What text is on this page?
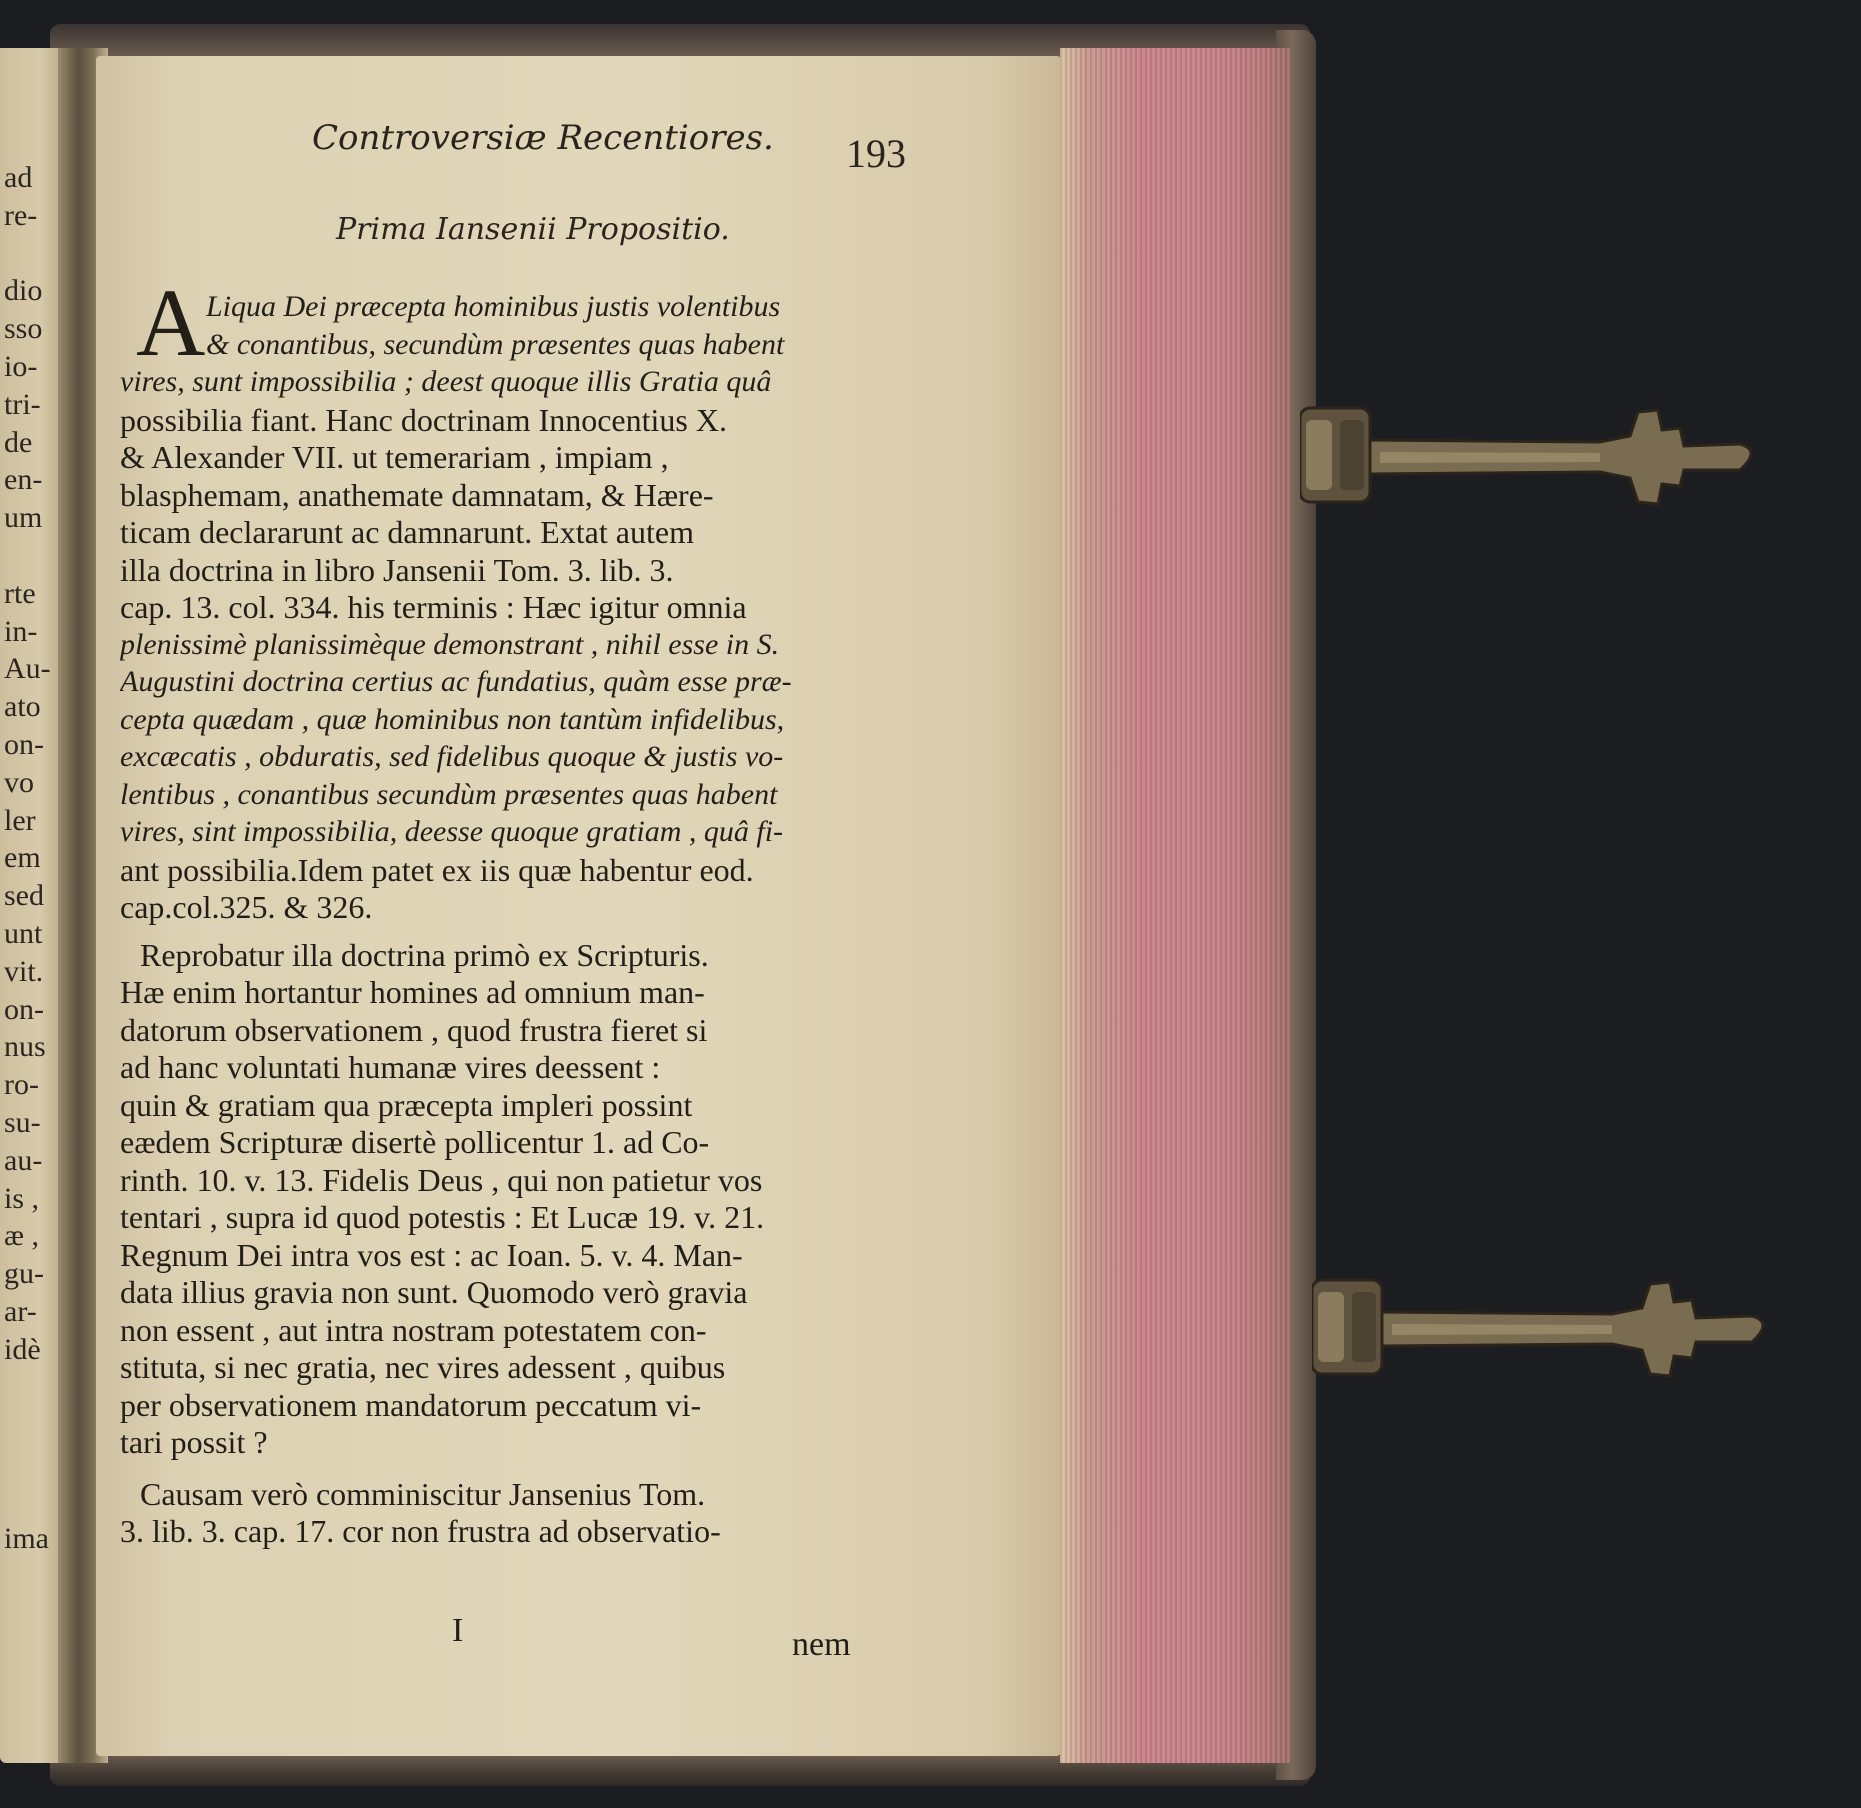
ad
re-
dio
sso
io-
tri-
de
en-
um
rte
in-
Au-
ato
on-
vo
ler
em
sed
unt
vit.
on-
nus
ro-
su-
au-
is ,
æ ,
gu-
ar-
idè
ima
Controversiæ Recentiores. 193
Prima Iansenii Propositio.
A Liqua Dei præcepta hominibus justis volentibus
& conantibus, secundùm præsentes quas habent
vires, sunt impossibilia ; deest quoque illis Gratia quâ
possibilia fiant. Hanc doctrinam Innocentius X.
& Alexander VII. ut temerariam , impiam ,
blasphemam, anathemate damnatam, & Hære-
ticam declararunt ac damnarunt. Extat autem
illa doctrina in libro Jansenii Tom. 3. lib. 3.
cap. 13. col. 334. his terminis : Hæc igitur omnia
plenissimè planissimèque demonstrant , nihil esse in S.
Augustini doctrina certius ac fundatius, quàm esse præ-
cepta quædam , quæ hominibus non tantùm infidelibus,
excæcatis , obduratis, sed fidelibus quoque & justis vo-
lentibus , conantibus secundùm præsentes quas habent
vires, sint impossibilia, deesse quoque gratiam , quâ fi-
ant possibilia.Idem patet ex iis quæ habentur eod.
cap.col.325. & 326.
Reprobatur illa doctrina primò ex Scripturis.
Hæ enim hortantur homines ad omnium man-
datorum observationem , quod frustra fieret si
ad hanc voluntati humanæ vires deessent :
quin & gratiam qua præcepta impleri possint
eædem Scripturæ disertè pollicentur 1. ad Co-
rinth. 10. v. 13. Fidelis Deus , qui non patietur vos
tentari , supra id quod potestis : Et Lucæ 19. v. 21.
Regnum Dei intra vos est : ac Ioan. 5. v. 4. Man-
data illius gravia non sunt. Quomodo verò gravia
non essent , aut intra nostram potestatem con-
stituta, si nec gratia, nec vires adessent , quibus
per observationem mandatorum peccatum vi-
tari possit ?
Causam verò comminiscitur Jansenius Tom.
3. lib. 3. cap. 17. cor non frustra ad observatio-
I	nem
